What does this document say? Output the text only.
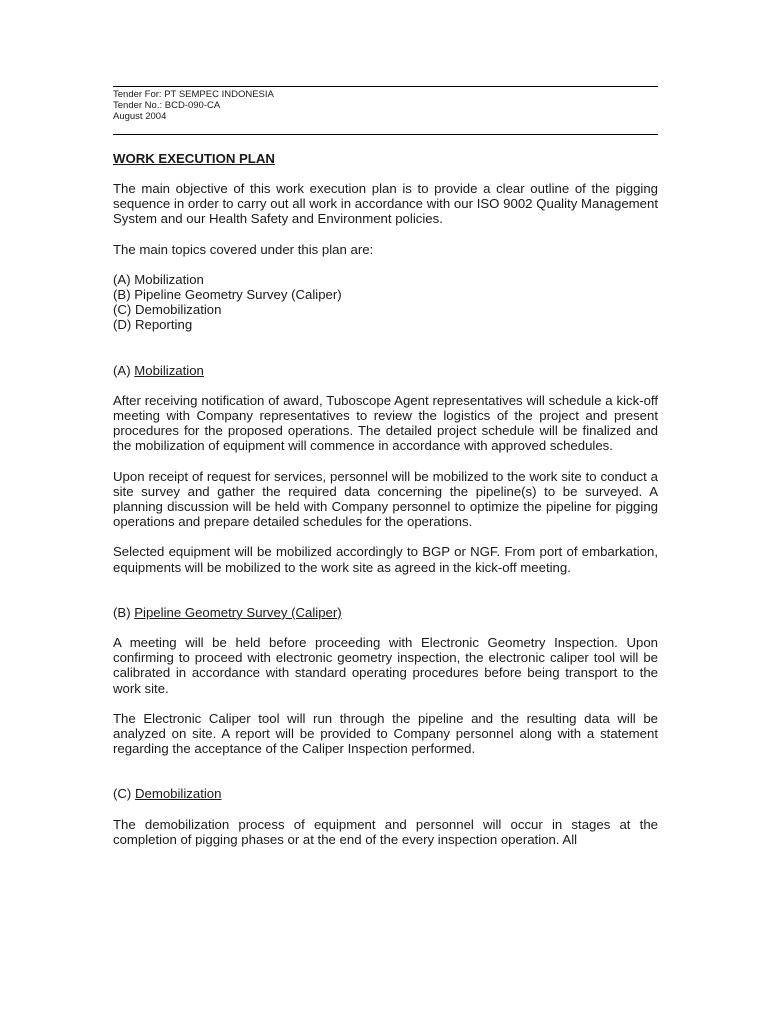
Tender For: PT SEMPEC INDONESIA
Tender No.: BCD-090-CA
August 2004
WORK EXECUTION PLAN

The main objective of this work execution plan is to provide a clear outline of the pigging sequence in order to carry out all work in accordance with our ISO 9002 Quality Management System and our Health Safety and Environment policies.

The main topics covered under this plan are:

(A) Mobilization
(B) Pipeline Geometry Survey (Caliper)
(C) Demobilization
(D) Reporting
(A) Mobilization

After receiving notification of award, Tuboscope Agent representatives will schedule a kick-off meeting with Company representatives to review the logistics of the project and present procedures for the proposed operations. The detailed project schedule will be finalized and the mobilization of equipment will commence in accordance with approved schedules.

Upon receipt of request for services, personnel will be mobilized to the work site to conduct a site survey and gather the required data concerning the pipeline(s) to be surveyed. A planning discussion will be held with Company personnel to optimize the pipeline for pigging operations and prepare detailed schedules for the operations.

Selected equipment will be mobilized accordingly to BGP or NGF. From port of embarkation, equipments will be mobilized to the work site as agreed in the kick-off meeting.

(B) Pipeline Geometry Survey (Caliper)

A meeting will be held before proceeding with Electronic Geometry Inspection. Upon confirming to proceed with electronic geometry inspection, the electronic caliper tool will be calibrated in accordance with standard operating procedures before being transport to the work site.

The Electronic Caliper tool will run through the pipeline and the resulting data will be analyzed on site. A report will be provided to Company personnel along with a statement regarding the acceptance of the Caliper Inspection performed.

(C) Demobilization

The demobilization process of equipment and personnel will occur in stages at the completion of pigging phases or at the end of the every inspection operation. All
